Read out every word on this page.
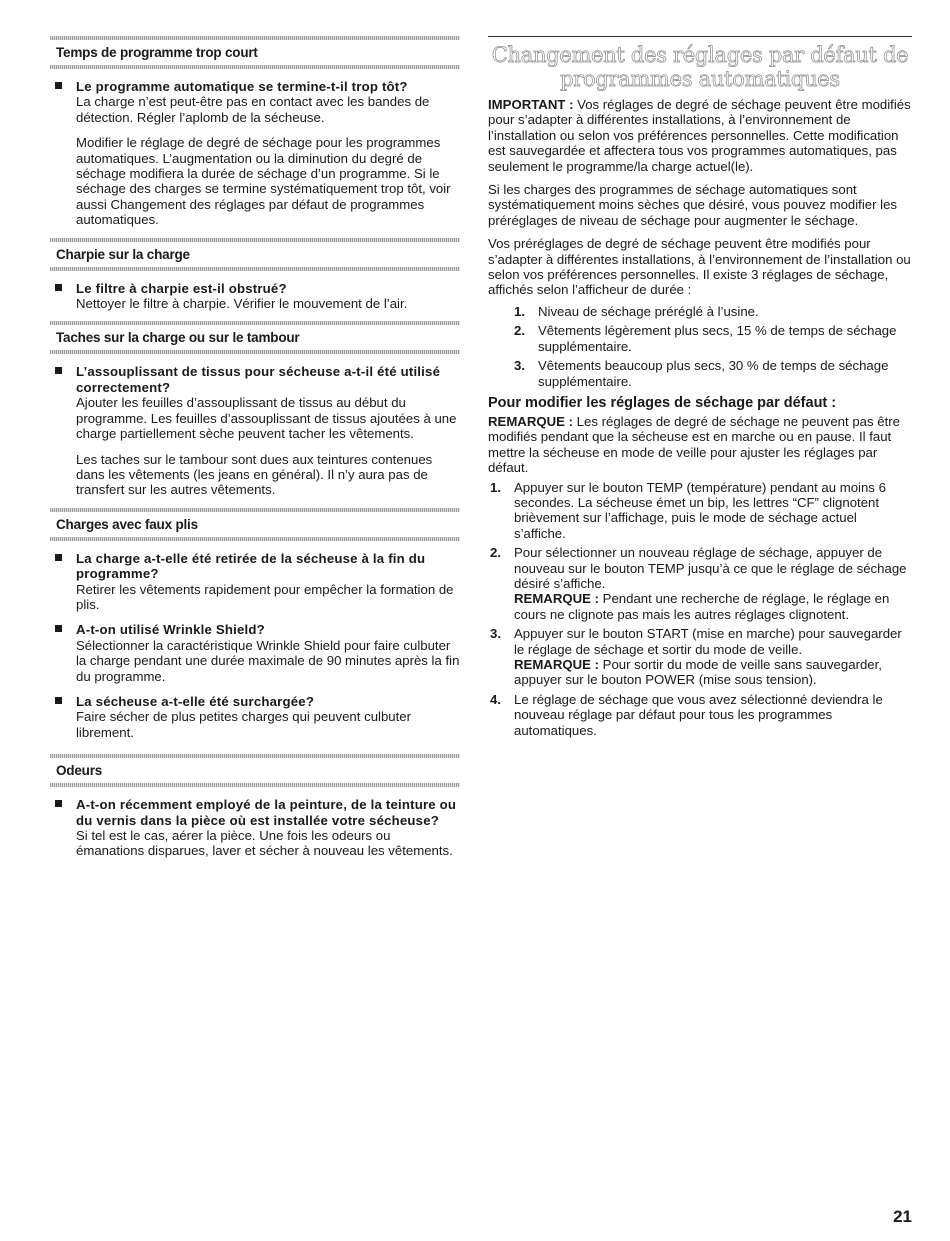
Temps de programme trop court
Le programme automatique se termine-t-il trop tôt?
La charge n’est peut-être pas en contact avec les bandes de détection. Régler l’aplomb de la sécheuse.
Modifier le réglage de degré de séchage pour les programmes automatiques. L’augmentation ou la diminution du degré de séchage modifiera la durée de séchage d’un programme. Si le séchage des charges se termine systématiquement trop tôt, voir aussi Changement des réglages par défaut de programmes automatiques.
Charpie sur la charge
Le filtre à charpie est-il obstrué?
Nettoyer le filtre à charpie. Vérifier le mouvement de l’air.
Taches sur la charge ou sur le tambour
L’assouplissant de tissus pour sécheuse a-t-il été utilisé correctement?
Ajouter les feuilles d’assouplissant de tissus au début du programme. Les feuilles d’assouplissant de tissus ajoutées à une charge partiellement sèche peuvent tacher les vêtements.
Les taches sur le tambour sont dues aux teintures contenues dans les vêtements (les jeans en général). Il n’y aura pas de transfert sur les autres vêtements.
Charges avec faux plis
La charge a-t-elle été retirée de la sécheuse à la fin du programme?
Retirer les vêtements rapidement pour empêcher la formation de plis.
A-t-on utilisé Wrinkle Shield?
Sélectionner la caractéristique Wrinkle Shield pour faire culbuter la charge pendant une durée maximale de 90 minutes après la fin du programme.
La sécheuse a-t-elle été surchargée?
Faire sécher de plus petites charges qui peuvent culbuter librement.
Odeurs
A-t-on récemment employé de la peinture, de la teinture ou du vernis dans la pièce où est installée votre sécheuse?
Si tel est le cas, aérer la pièce. Une fois les odeurs ou émanations disparues, laver et sécher à nouveau les vêtements.
Changement des réglages par défaut de
programmes automatiques

IMPORTANT : Vos réglages de degré de séchage peuvent être modifiés pour s’adapter à différentes installations, à l’environnement de l’installation ou selon vos préférences personnelles. Cette modification est sauvegardée et affectera tous vos programmes automatiques, pas seulement le programme/la charge actuel(le).

Si les charges des programmes de séchage automatiques sont systématiquement moins sèches que désiré, vous pouvez modifier les préréglages de niveau de séchage pour augmenter le séchage.

Vos préréglages de degré de séchage peuvent être modifiés pour s’adapter à différentes installations, à l’environnement de l’installation ou selon vos préférences personnelles. Il existe 3 réglages de séchage, affichés selon l’afficheur de durée :

1. Niveau de séchage préréglé à l’usine.
2. Vêtements légèrement plus secs, 15 % de temps de séchage supplémentaire.
3. Vêtements beaucoup plus secs, 30 % de temps de séchage supplémentaire.
Pour modifier les réglages de séchage par défaut :

REMARQUE : Les réglages de degré de séchage ne peuvent pas être modifiés pendant que la sécheuse est en marche ou en pause. Il faut mettre la sécheuse en mode de veille pour ajuster les réglages par défaut.

1. Appuyer sur le bouton TEMP (température) pendant au moins 6 secondes. La sécheuse émet un bip, les lettres “CF” clignotent brièvement sur l’affichage, puis le mode de séchage actuel s’affiche.
2. Pour sélectionner un nouveau réglage de séchage, appuyer de nouveau sur le bouton TEMP jusqu’à ce que le réglage de séchage désiré s’affiche.
REMARQUE : Pendant une recherche de réglage, le réglage en cours ne clignote pas mais les autres réglages clignotent.
3. Appuyer sur le bouton START (mise en marche) pour sauvegarder le réglage de séchage et sortir du mode de veille.
REMARQUE : Pour sortir du mode de veille sans sauvegarder, appuyer sur le bouton POWER (mise sous tension).
4. Le réglage de séchage que vous avez sélectionné deviendra le nouveau réglage par défaut pour tous les programmes automatiques.
21
